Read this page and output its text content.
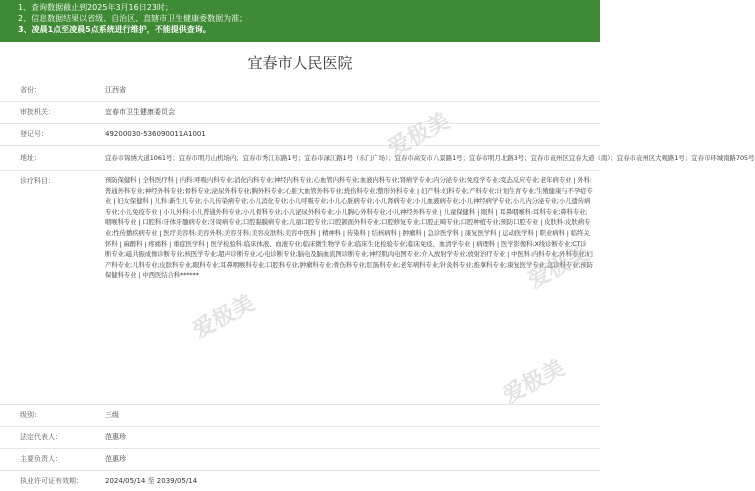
1、查询数据截止到2025年3月16日23时；
2、信息数据结果以省级、自治区、直辖市卫生健康委数据为准；
3、凌晨1点至凌晨5点系统进行维护，不能提供查询。
宜春市人民医院
省份：	江西省
审批机关：	宜春市卫生健康委员会
登记号：	49200030-536090011A1001
地址：	宜春市锦绣大道1061号；宜春市明月山机场内；宜春市秀江东路1号；宜春市渌江路1号（东门广场）；宜春市高安市八景路1号；宜春市明月北路3号；宜春市袁州区宜春大道（南）；宜春市袁州区大观路1号；宜春市环城南路705号
诊疗科目：	预防保健科 | 全科医疗科 | 内科:呼吸内科专业;消化内科专业;神经内科专业;心血管内科专业;血液内科专业;肾病学专业;内分泌专业;免疫学专业;变态反应专业;老年病专业 | 外科:普通外科专业;神经外科专业;骨科专业;泌尿外科专业;胸外科专业;心脏大血管外科专业;烧伤科专业;整形外科专业 | 妇产科:妇科专业;产科专业;计划生育专业;生殖健康与不孕症专业 | 妇女保健科 | 儿科:新生儿专业;小儿传染病专业;小儿消化专业;小儿呼吸专业;小儿心脏病专业;小儿肾病专业;小儿血液病专业;小儿神经病学专业;小儿内分泌专业;小儿遗传病专业;小儿免疫专业 | 小儿外科:小儿普通外科专业;小儿骨科专业;小儿泌尿外科专业;小儿胸心外科专业;小儿神经外科专业 | 儿童保健科 | 眼科 | 耳鼻咽喉科:耳科专业;鼻科专业;咽喉科专业 | 口腔科:牙体牙髓病专业;牙周病专业;口腔黏膜病专业;儿童口腔专业;口腔颌面外科专业;口腔修复专业;口腔正畸专业;口腔种植专业;预防口腔专业 | 皮肤科:皮肤病专业;性传播疾病专业 | 医疗美容科:美容外科;美容牙科;美容皮肤科;美容中医科 | 精神科 | 传染科 | 结核病科 | 肿瘤科 | 急诊医学科 | 康复医学科 | 运动医学科 | 职业病科 | 临终关怀科 | 麻醉科 | 疼痛科 | 重症医学科 | 医学检验科:临床体液、血液专业;临床微生物学专业;临床生化检验专业;临床免疫、血清学专业 | 病理科 | 医学影像科:X线诊断专业;CT诊断专业;磁共振成像诊断专业;核医学专业;超声诊断专业;心电诊断专业;脑电及脑血流图诊断专业;神经肌肉电图专业;介入放射学专业;放射治疗专业 | 中医科:内科专业;外科专业;妇产科专业;儿科专业;皮肤科专业;眼科专业;耳鼻咽喉科专业;口腔科专业;肿瘤科专业;骨伤科专业;肛肠科专业;老年病科专业;针灸科专业;推拿科专业;康复医学专业;急诊科专业;预防保健科专业 | 中西医结合科******
级别：	三级
法定代表人：	范惠珍
主要负责人：	范惠珍
执业许可证有效期：	2024/05/14 至 2039/05/14
爱极美
爱极美
爱极美
爱极美
